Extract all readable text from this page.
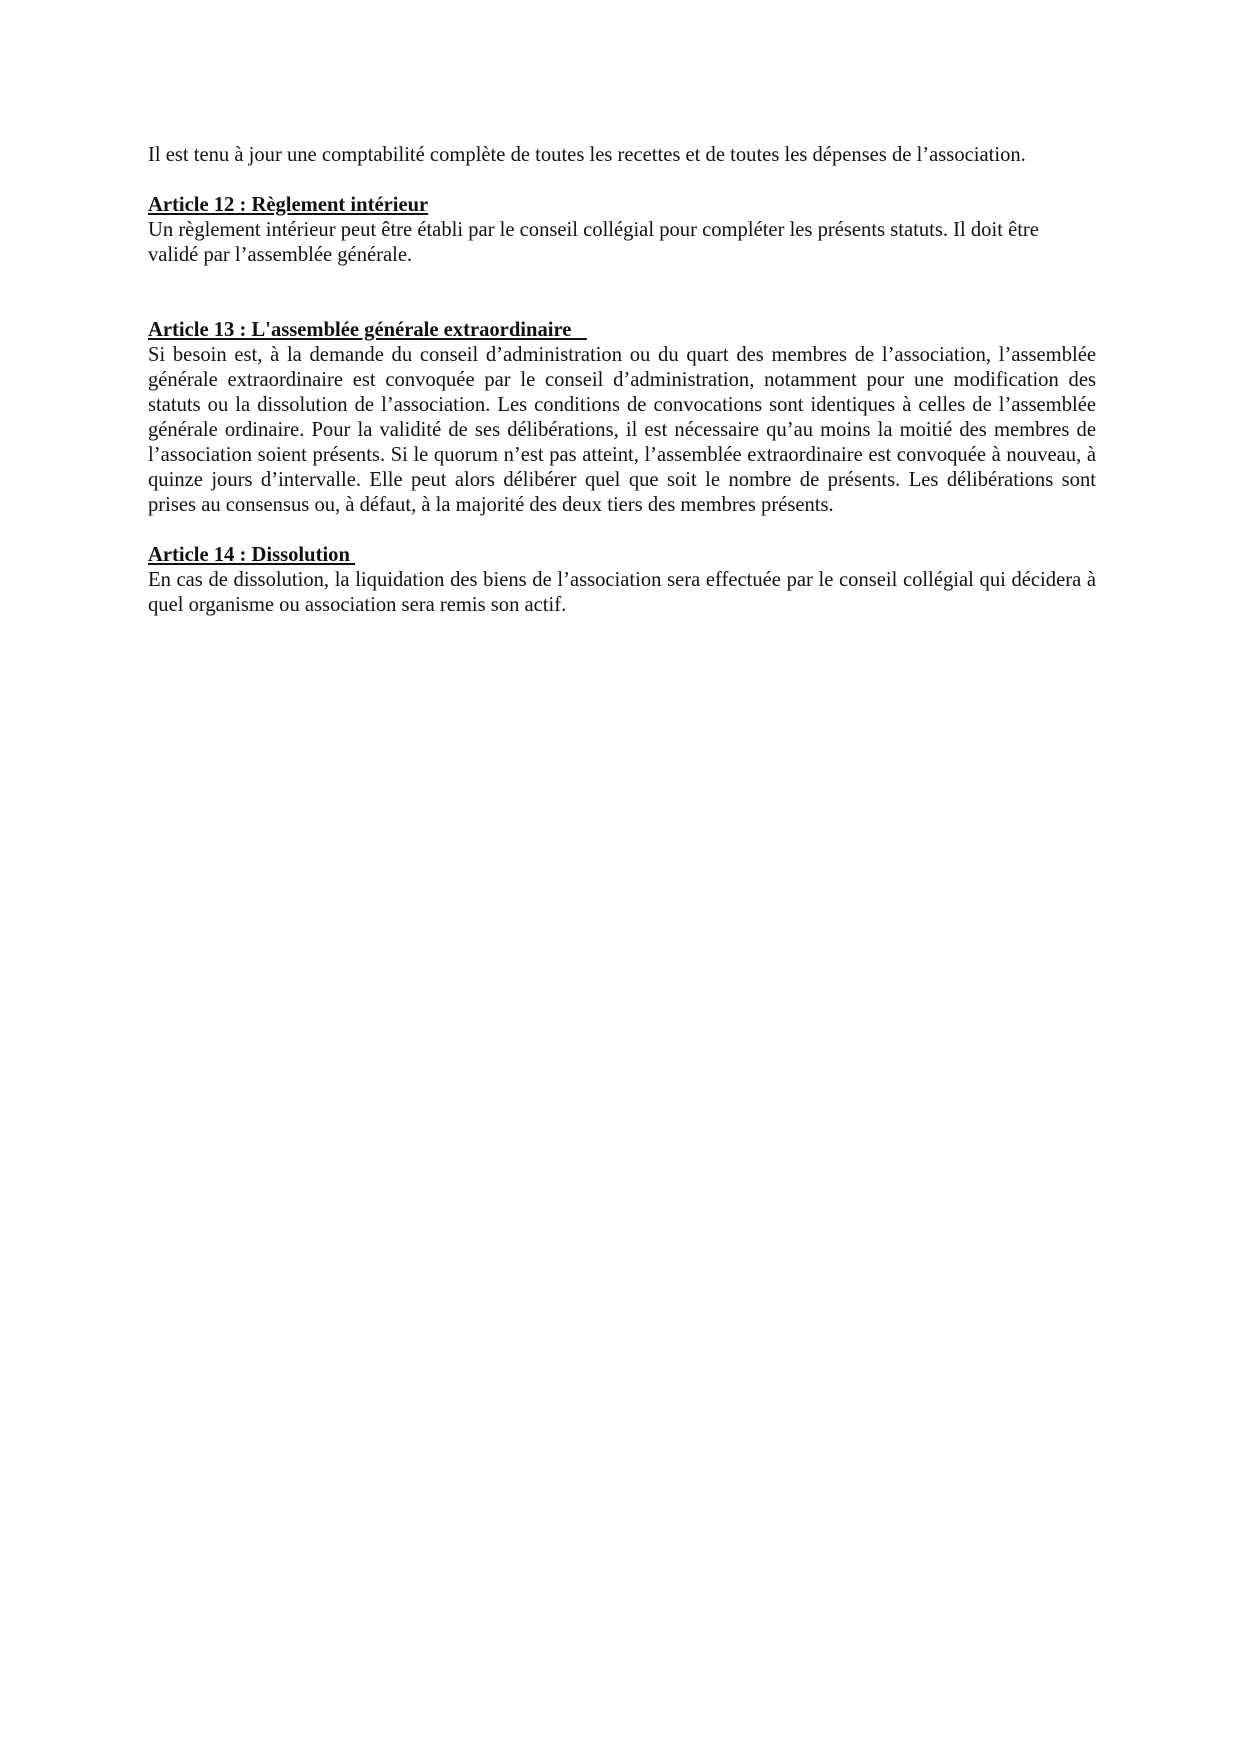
Il est tenu à jour une comptabilité complète de toutes les recettes et de toutes les dépenses de l’association.

Article 12 : Règlement intérieur

Un règlement intérieur peut être établi par le conseil collégial pour compléter les présents statuts. Il doit être validé par l’assemblée générale.

Article 13 : L'assemblée générale extraordinaire

Si besoin est, à la demande du conseil d’administration ou du quart des membres de l’association, l’assemblée générale extraordinaire est convoquée par le conseil d’administration, notamment pour une modification des statuts ou la dissolution de l’association. Les conditions de convocations sont identiques à celles de l’assemblée générale ordinaire. Pour la validité de ses délibérations, il est nécessaire qu’au moins la moitié des membres de l’association soient présents. Si le quorum n’est pas atteint, l’assemblée extraordinaire est convoquée à nouveau, à quinze jours d’intervalle. Elle peut alors délibérer quel que soit le nombre de présents. Les délibérations sont prises au consensus ou, à défaut, à la majorité des deux tiers des membres présents.

Article 14 : Dissolution

En cas de dissolution, la liquidation des biens de l’association sera effectuée par le conseil collégial qui décidera à quel organisme ou association sera remis son actif.
